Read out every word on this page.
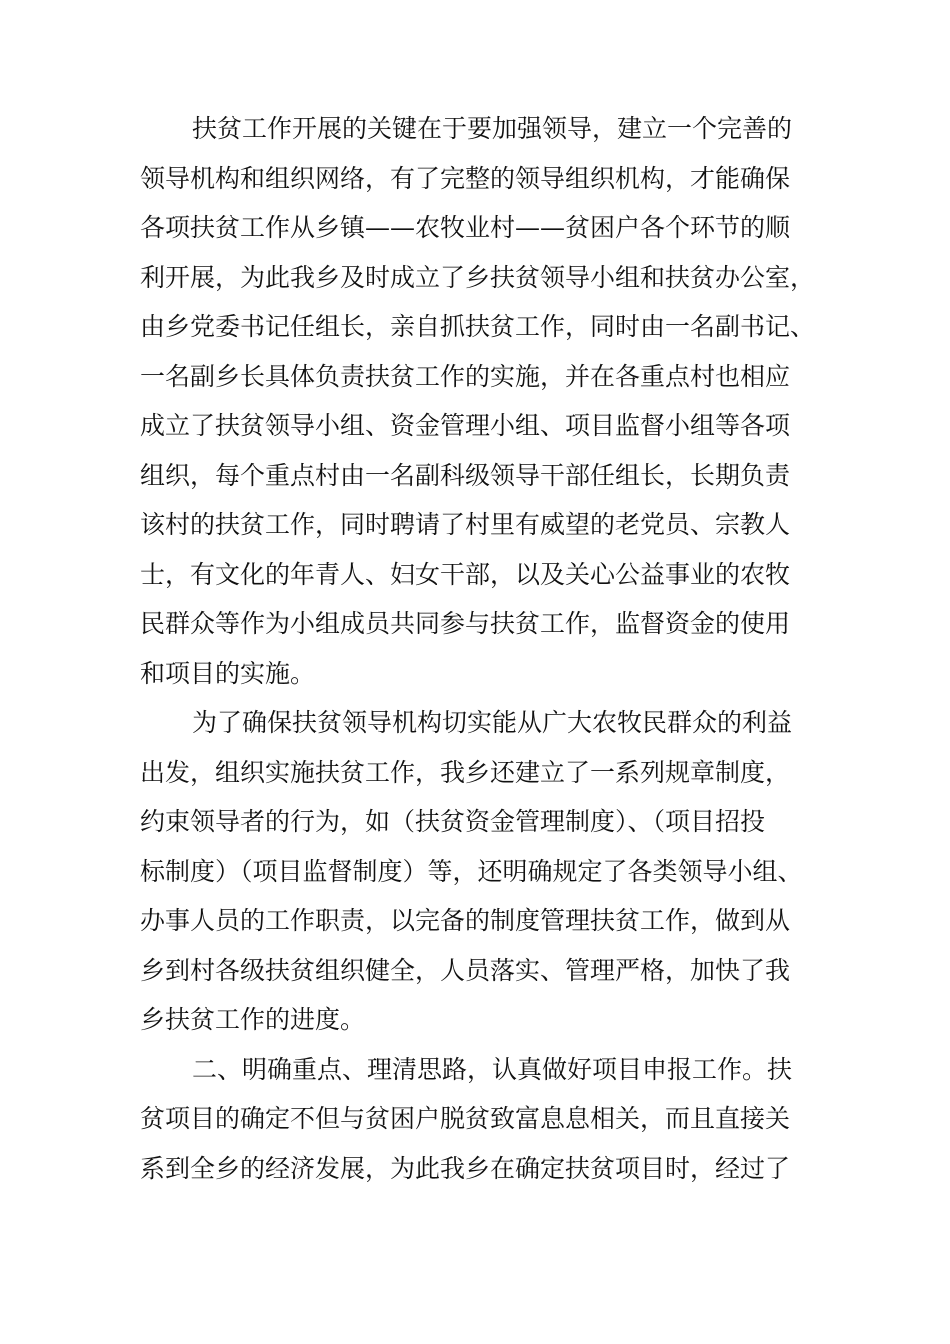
扶贫工作开展的关键在于要加强领导，建立一个完善的
领导机构和组织网络，有了完整的领导组织机构，才能确保
各项扶贫工作从乡镇——农牧业村——贫困户各个环节的顺
利开展，为此我乡及时成立了乡扶贫领导小组和扶贫办公室，
由乡党委书记任组长，亲自抓扶贫工作，同时由一名副书记、
一名副乡长具体负责扶贫工作的实施，并在各重点村也相应
成立了扶贫领导小组、资金管理小组、项目监督小组等各项
组织，每个重点村由一名副科级领导干部任组长，长期负责
该村的扶贫工作，同时聘请了村里有威望的老党员、宗教人
士，有文化的年青人、妇女干部，以及关心公益事业的农牧
民群众等作为小组成员共同参与扶贫工作，监督资金的使用
和项目的实施。
为了确保扶贫领导机构切实能从广大农牧民群众的利益
出发，组织实施扶贫工作，我乡还建立了一系列规章制度，
约束领导者的行为，如（扶贫资金管理制度）、（项目招投
标制度）（项目监督制度）等，还明确规定了各类领导小组、
办事人员的工作职责，以完备的制度管理扶贫工作，做到从
乡到村各级扶贫组织健全，人员落实、管理严格，加快了我
乡扶贫工作的进度。
二、明确重点、理清思路，认真做好项目申报工作。扶
贫项目的确定不但与贫困户脱贫致富息息相关，而且直接关
系到全乡的经济发展，为此我乡在确定扶贫项目时，经过了
